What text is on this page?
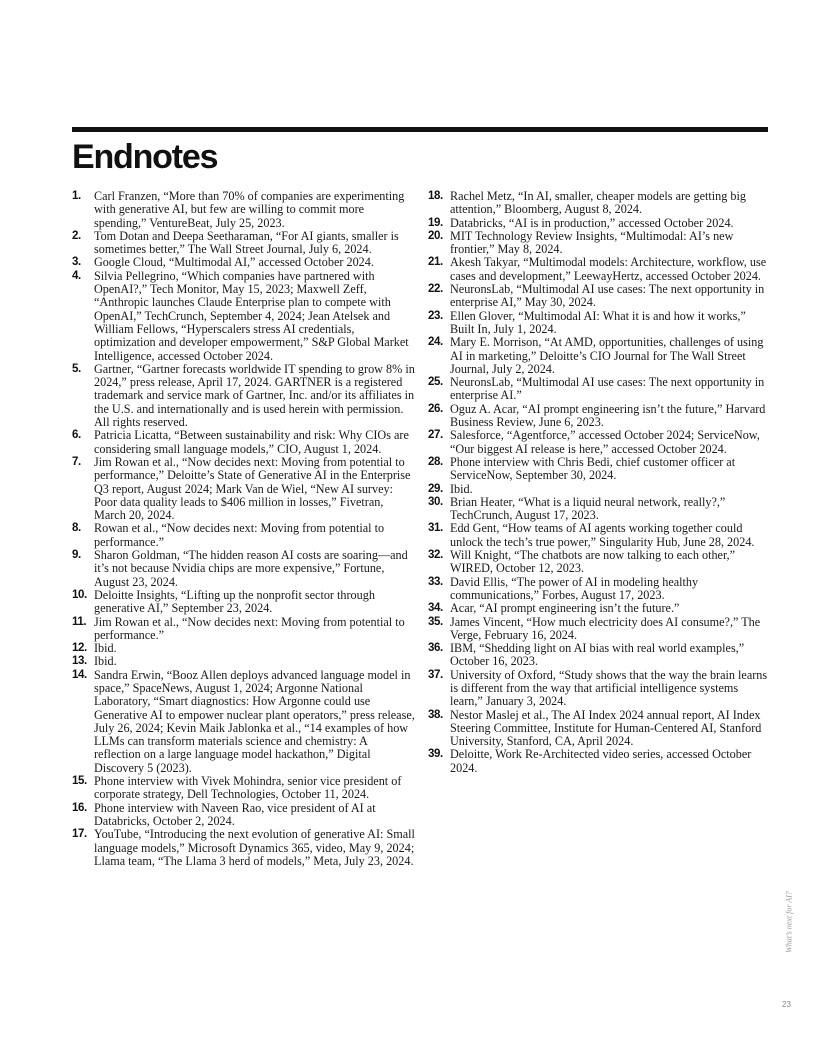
Endnotes
1. Carl Franzen, “More than 70% of companies are experimenting with generative AI, but few are willing to commit more spending,” VentureBeat, July 25, 2023.
2. Tom Dotan and Deepa Seetharaman, “For AI giants, smaller is sometimes better,” The Wall Street Journal, July 6, 2024.
3. Google Cloud, “Multimodal AI,” accessed October 2024.
4. Silvia Pellegrino, “Which companies have partnered with OpenAI?,” Tech Monitor, May 15, 2023; Maxwell Zeff, “Anthropic launches Claude Enterprise plan to compete with OpenAI,” TechCrunch, September 4, 2024; Jean Atelsek and William Fellows, “Hyperscalers stress AI credentials, optimization and developer empowerment,” S&P Global Market Intelligence, accessed October 2024.
5. Gartner, “Gartner forecasts worldwide IT spending to grow 8% in 2024,” press release, April 17, 2024. GARTNER is a registered trademark and service mark of Gartner, Inc. and/or its affiliates in the U.S. and internationally and is used herein with permission. All rights reserved.
6. Patricia Licatta, “Between sustainability and risk: Why CIOs are considering small language models,” CIO, August 1, 2024.
7. Jim Rowan et al., “Now decides next: Moving from potential to performance,” Deloitte’s State of Generative AI in the Enterprise Q3 report, August 2024; Mark Van de Wiel, “New AI survey: Poor data quality leads to $406 million in losses,” Fivetran, March 20, 2024.
8. Rowan et al., “Now decides next: Moving from potential to performance.”
9. Sharon Goldman, “The hidden reason AI costs are soaring—and it’s not because Nvidia chips are more expensive,” Fortune, August 23, 2024.
10. Deloitte Insights, “Lifting up the nonprofit sector through generative AI,” September 23, 2024.
11. Jim Rowan et al., “Now decides next: Moving from potential to performance.”
12. Ibid.
13. Ibid.
14. Sandra Erwin, “Booz Allen deploys advanced language model in space,” SpaceNews, August 1, 2024; Argonne National Laboratory, “Smart diagnostics: How Argonne could use Generative AI to empower nuclear plant operators,” press release, July 26, 2024; Kevin Maik Jablonka et al., “14 examples of how LLMs can transform materials science and chemistry: A reflection on a large language model hackathon,” Digital Discovery 5 (2023).
15. Phone interview with Vivek Mohindra, senior vice president of corporate strategy, Dell Technologies, October 11, 2024.
16. Phone interview with Naveen Rao, vice president of AI at Databricks, October 2, 2024.
17. YouTube, “Introducing the next evolution of generative AI: Small language models,” Microsoft Dynamics 365, video, May 9, 2024; Llama team, “The Llama 3 herd of models,” Meta, July 23, 2024.
18. Rachel Metz, “In AI, smaller, cheaper models are getting big attention,” Bloomberg, August 8, 2024.
19. Databricks, “AI is in production,” accessed October 2024.
20. MIT Technology Review Insights, “Multimodal: AI’s new frontier,” May 8, 2024.
21. Akesh Takyar, “Multimodal models: Architecture, workflow, use cases and development,” LeewayHertz, accessed October 2024.
22. NeuronsLab, “Multimodal AI use cases: The next opportunity in enterprise AI,” May 30, 2024.
23. Ellen Glover, “Multimodal AI: What it is and how it works,” Built In, July 1, 2024.
24. Mary E. Morrison, “At AMD, opportunities, challenges of using AI in marketing,” Deloitte’s CIO Journal for The Wall Street Journal, July 2, 2024.
25. NeuronsLab, “Multimodal AI use cases: The next opportunity in enterprise AI.”
26. Oguz A. Acar, “AI prompt engineering isn’t the future,” Harvard Business Review, June 6, 2023.
27. Salesforce, “Agentforce,” accessed October 2024; ServiceNow, “Our biggest AI release is here,” accessed October 2024.
28. Phone interview with Chris Bedi, chief customer officer at ServiceNow, September 30, 2024.
29. Ibid.
30. Brian Heater, “What is a liquid neural network, really?,” TechCrunch, August 17, 2023.
31. Edd Gent, “How teams of AI agents working together could unlock the tech’s true power,” Singularity Hub, June 28, 2024.
32. Will Knight, “The chatbots are now talking to each other,” WIRED, October 12, 2023.
33. David Ellis, “The power of AI in modeling healthy communications,” Forbes, August 17, 2023.
34. Acar, “AI prompt engineering isn’t the future.”
35. James Vincent, “How much electricity does AI consume?,” The Verge, February 16, 2024.
36. IBM, “Shedding light on AI bias with real world examples,” October 16, 2023.
37. University of Oxford, “Study shows that the way the brain learns is different from the way that artificial intelligence systems learn,” January 3, 2024.
38. Nestor Maslej et al., The AI Index 2024 annual report, AI Index Steering Committee, Institute for Human-Centered AI, Stanford University, Stanford, CA, April 2024.
39. Deloitte, Work Re-Architected video series, accessed October 2024.
What’s next for AI?
23
